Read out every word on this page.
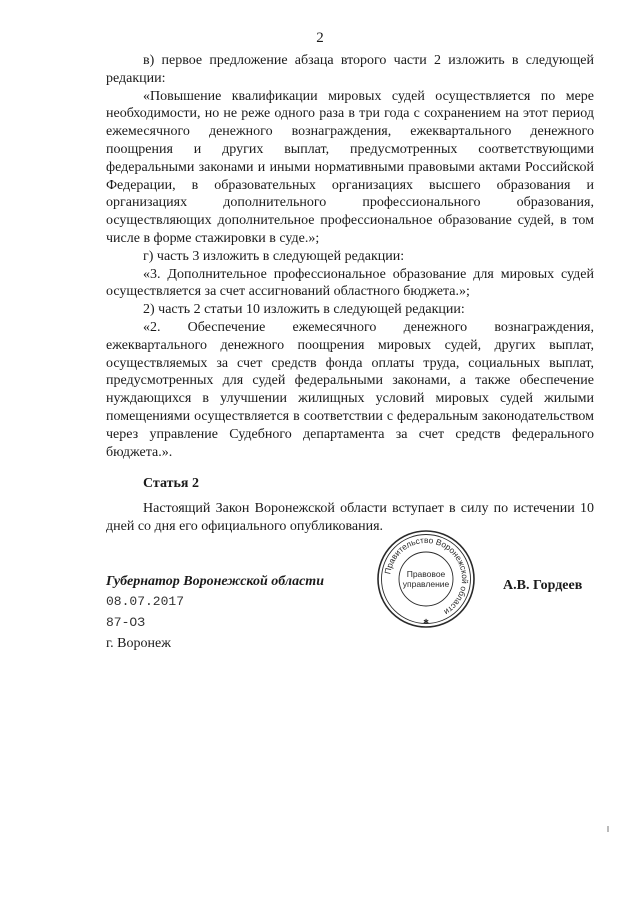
2

в) первое предложение абзаца второго части 2 изложить в следующей редакции:

«Повышение квалификации мировых судей осуществляется по мере необходимости, но не реже одного раза в три года с сохранением на этот период ежемесячного денежного вознаграждения, ежеквартального денежного поощрения и других выплат, предусмотренных соответствующими федеральными законами и иными нормативными правовыми актами Российской Федерации, в образовательных организациях высшего образования и организациях дополнительного профессионального образования, осуществляющих дополнительное профессиональное образование судей, в том числе в форме стажировки в суде.»;

г) часть 3 изложить в следующей редакции:

«3. Дополнительное профессиональное образование для мировых судей осуществляется за счет ассигнований областного бюджета.»;

2) часть 2 статьи 10 изложить в следующей редакции:

«2. Обеспечение ежемесячного денежного вознаграждения, ежеквартального денежного поощрения мировых судей, других выплат, осуществляемых за счет средств фонда оплаты труда, социальных выплат, предусмотренных для судей федеральными законами, а также обеспечение нуждающихся в улучшении жилищных условий мировых судей жилыми помещениями осуществляется в соответствии с федеральным законодательством через управление Судебного департамента за счет средств федерального бюджета.».

Статья 2

Настоящий Закон Воронежской области вступает в силу по истечении 10 дней со дня его официального опубликования.

Губернатор Воронежской области	А.В. Гордеев
08.07.2017
87-ОЗ
г. Воронеж
Правительство Воронежской области
Правовое
управление
✱
